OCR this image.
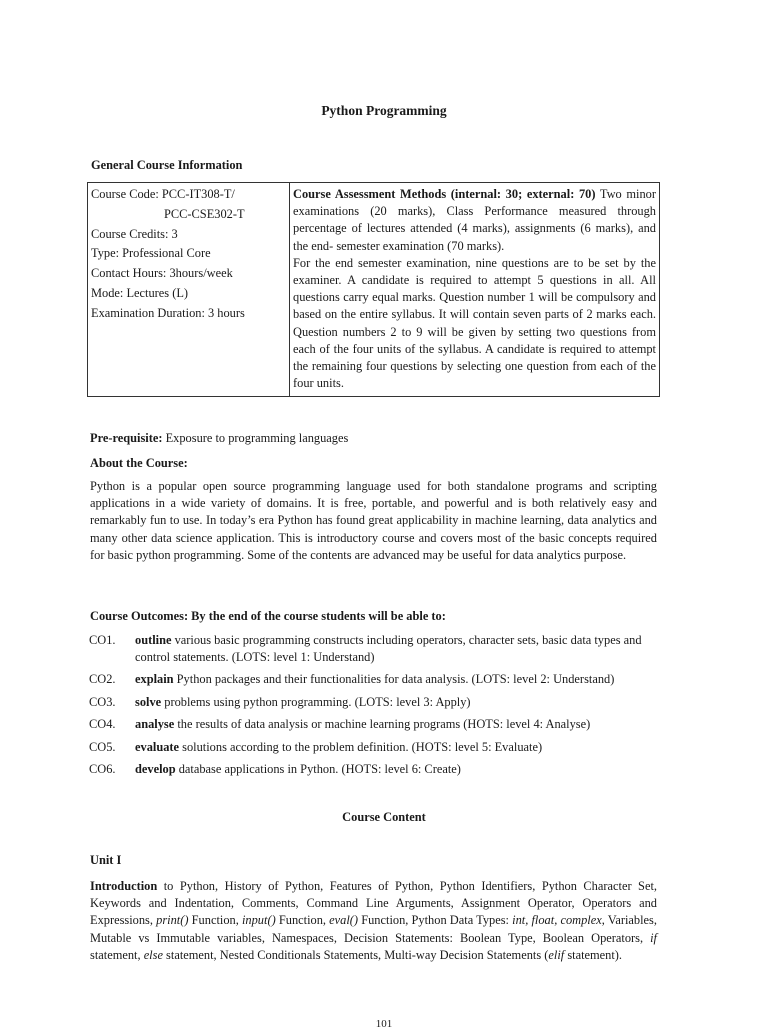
Python Programming
General Course Information
Course Code: PCC-IT308-T/
PCC-CSE302-T
Course Credits: 3
Type: Professional Core
Contact Hours: 3hours/week
Mode: Lectures (L)
Examination Duration: 3 hours

Course Assessment Methods (internal: 30; external: 70) Two minor examinations (20 marks), Class Performance measured through percentage of lectures attended (4 marks), assignments (6 marks), and the end- semester examination (70 marks).

For the end semester examination, nine questions are to be set by the examiner. A candidate is required to attempt 5 questions in all. All questions carry equal marks. Question number 1 will be compulsory and based on the entire syllabus. It will contain seven parts of 2 marks each. Question numbers 2 to 9 will be given by setting two questions from each of the four units of the syllabus. A candidate is required to attempt the remaining four questions by selecting one question from each of the four units.

Pre-requisite: Exposure to programming languages
About the Course:
Python is a popular open source programming language used for both standalone programs and scripting applications in a wide variety of domains. It is free, portable, and powerful and is both relatively easy and remarkably fun to use. In today’s era Python has found great applicability in machine learning, data analytics and many other data science application. This is introductory course and covers most of the basic concepts required for basic python programming. Some of the contents are advanced may be useful for data analytics purpose.
Course Outcomes: By the end of the course students will be able to:
CO1.	outline various basic programming constructs including operators, character sets, basic data types and control statements. (LOTS: level 1: Understand)
CO2.	explain Python packages and their functionalities for data analysis. (LOTS: level 2: Understand)
CO3.	solve problems using python programming. (LOTS: level 3: Apply)
CO4.	analyse the results of data analysis or machine learning programs (HOTS: level 4: Analyse)
CO5.	evaluate solutions according to the problem definition. (HOTS: level 5: Evaluate)
CO6.	develop database applications in Python. (HOTS: level 6: Create)
Course Content
Unit I
Introduction to Python, History of Python, Features of Python, Python Identifiers, Python Character Set, Keywords and Indentation, Comments, Command Line Arguments, Assignment Operator, Operators and Expressions, print() Function, input() Function, eval() Function, Python Data Types: int, float, complex, Variables, Mutable vs Immutable variables, Namespaces, Decision Statements: Boolean Type, Boolean Operators, if statement, else statement, Nested Conditionals Statements, Multi-way Decision Statements (elif statement).
101
